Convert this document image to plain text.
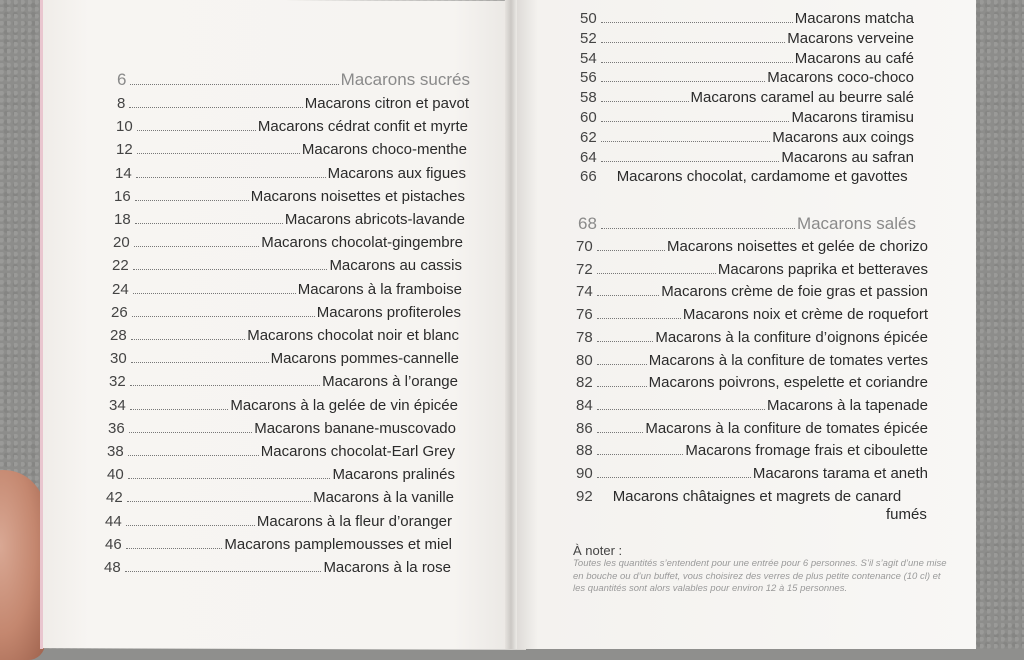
6	Macarons sucrés
8	Macarons citron et pavot
10	Macarons cédrat confit et myrte
12	Macarons choco-menthe
14	Macarons aux figues
16	Macarons noisettes et pistaches
18	Macarons abricots-lavande
20	Macarons chocolat-gingembre
22	Macarons au cassis
24	Macarons à la framboise
26	Macarons profiteroles
28	Macarons chocolat noir et blanc
30	Macarons pommes-cannelle
32	Macarons à l’orange
34	Macarons à la gelée de vin épicée
36	Macarons banane-muscovado
38	Macarons chocolat-Earl Grey
40	Macarons pralinés
42	Macarons à la vanille
44	Macarons à la fleur d’oranger
46	Macarons pamplemousses et miel
48	Macarons à la rose
50	Macarons matcha
52	Macarons verveine
54	Macarons au café
56	Macarons coco-choco
58	Macarons caramel au beurre salé
60	Macarons tiramisu
62	Macarons aux coings
64	Macarons au safran
66 Macarons chocolat, cardamome et gavottes
68	Macarons salés
70	Macarons noisettes et gelée de chorizo
72	Macarons paprika et betteraves
74	Macarons crème de foie gras et passion
76	Macarons noix et crème de roquefort
78	Macarons à la confiture d’oignons épicée
80	Macarons à la confiture de tomates vertes
82	Macarons poivrons, espelette et coriandre
84	Macarons à la tapenade
86	Macarons à la confiture de tomates épicée
88	Macarons fromage frais et ciboulette
90	Macarons tarama et aneth
92 Macarons châtaignes et magrets de canard
fumés
À noter :
Toutes les quantités s’entendent pour une entrée pour 6 personnes. S’il s’agit d’une mise en bouche ou d’un buffet, vous choisirez des verres de plus petite contenance (10 cl) et les quantités sont alors valables pour environ 12 à 15 personnes.
